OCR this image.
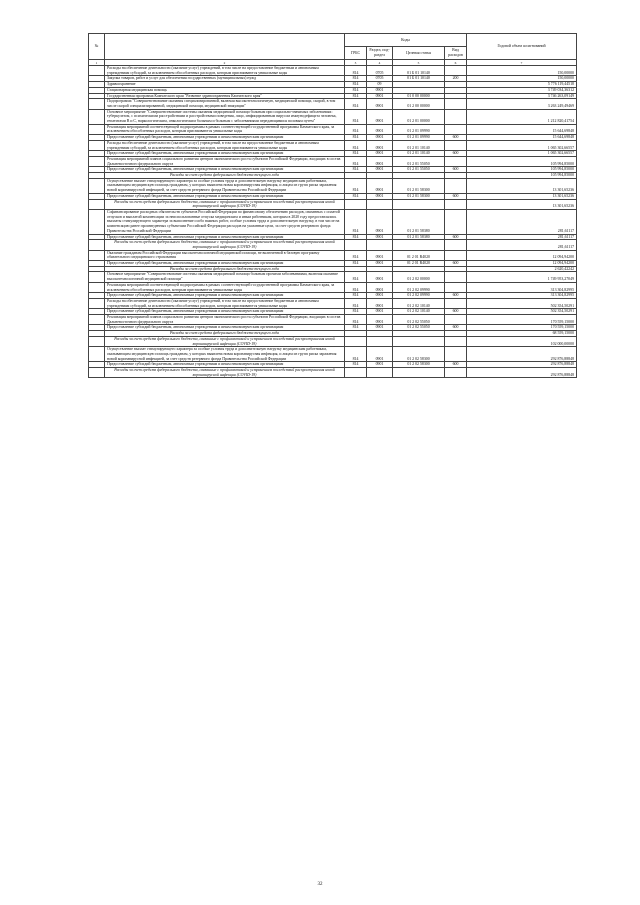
№		Коды				Годовой объем ассигнований
		ГРБС	Раздел, под-раздел	Целевая статья	Вид расходов	
1	2	3	4	5	6	7
	Расходы на обеспечение деятельности (оказание услуг) учреждений, в том числе на предоставление бюджетным и автономным учреждениям субсидий, за исключением обособленных расходов, которым присваиваются уникальные коды	814	0705	01 Б 01 10140		150,00000
	Закупка товаров, работ и услуг для обеспечения государственных (муниципальных) нужд	814	0705	01 Б 01 10140	200	150,00000
	Здравоохранение	814	09			5 776 119,44518
	Стационарная медицинская помощь	814	0901			3 749 034,36312
	Государственная программа Камчатского края "Развитие здравоохранения Камчатского края"	814	0901	01 0 00 00000		3 746 263,09149
	Подпрограмма "Совершенствование оказания специализированной, включая высокотехнологичную, медицинской помощи, скорой, в том числе скорой специализированной, медицинской помощи, медицинской эвакуации"	814	0901	01 2 00 00000		3 263 249,49469
	Основное мероприятие "Совершенствование системы оказания медицинской помощи больным при социально-значимых заболеваниях: туберкулезом, с психическими расстройствами и расстройствами поведения, лицо, инфицированным вирусом иммунодефицита человека, гепатитами B и C, наркологическим, онкологическим больным и больным с заболеваниями передающимися половым путем"	814	0901	01 2 01 00000		1 212 820,41754
	Реализация мероприятий соответствующей подпрограммы в рамках соответствующей государственной программы Камчатского края, за исключением обособленных расходов, которым присваиваются уникальные коды	814	0901	01 2 01 09990		15 644,69848
	Предоставление субсидий бюджетным, автономным учреждениям и иным некоммерческим организациям	814	0901	01 2 01 09990	600	15 644,69848
	Расходы на обеспечение деятельности (оказание услуг) учреждений, в том числе на предоставление бюджетным и автономным учреждениям субсидий, за исключением обособленных расходов, которым присваиваются уникальные коды	814	0901	01 2 01 10140		1 065 302,66557
	Предоставление субсидий бюджетным, автономным учреждениям и иным некоммерческим организациям	814	0901	01 2 01 10140	600	1 065 302,66557
	Реализация мероприятий планов социального развития центров экономического роста субъектов Российской Федерации, входящих в состав Дальневосточного федерального округа	814	0901	01 2 01 55050		105 994,85000
	Предоставление субсидий бюджетным, автономным учреждениям и иным некоммерческим организациям	814	0901	01 2 01 55050	600	105 994,85000
	Расходы за счет средств федерального бюджета текущего года					105 994,85000
	Осуществление выплат стимулирующего характера за особые условия труда и дополнительную нагрузку медицинским работникам, оказывающим медицинскую помощь гражданам, у которых выявлена новая коронавирусная инфекция, и лицам из групп риска заражения новой коронавирусной инфекцией, за счет средств резервного фонда Правительства Российской Федерации	814	0901	01 2 01 58300		13 301,65236
	Предоставление субсидий бюджетным, автономным учреждениям и иным некоммерческим организациям	814	0901	01 2 01 58300	600	13 301,65236
	Расходы за счет средств федерального бюджета, связанные с профилактикой и устранением последствий распространения новой коронавирусной инфекции (COVID-19)					13 301,65236
	Софинансирование расходных обязательств субъектов Российской Федерации по финансовому обеспечению расходов, связанных с оплатой отпусков и выплатой компенсации за неиспользованные отпуска медицинским и иным работникам, которым в 2020 году предоставлялись выплаты стимулирующего характера за выполнение особо важных работ, особые условия труда и дополнительную нагрузку, в том числе на компенсацию ранее произведенных субъектами Российской Федерации расходов на указанные цели, за счет средств резервного фонда Правительства Российской Федерации	814	0901	01 2 01 58380		281,61117
	Предоставление субсидий бюджетным, автономным учреждениям и иным некоммерческим организациям	814	0901	01 2 01 58380	600	281,61117
	Расходы за счет средств федерального бюджета, связанные с профилактикой и устранением последствий распространения новой коронавирусной инфекции (COVID-19)					281,61117
	Оказание гражданам Российской Федерации высокотехнологичной медицинской помощи, не включенной в базовую программу обязательного медицинского страхования	814	0901	01 2 01 R4020		12 094,94200
	Предоставление субсидий бюджетным, автономным учреждениям и иным некоммерческим организациям	814	0901	01 2 01 R4020	600	12 094,94200
	Расходы за счет средств федерального бюджета текущего года					2 620,42242
	Основное мероприятие "Совершенствование системы оказания медицинской помощи больным прочими заболеваниями, включая оказание высокотехнологичной медицинской помощи"	814	0901	01 2 02 00000		1 749 953,27049
	Реализация мероприятий соответствующей подпрограммы в рамках соответствующей государственной программы Камчатского края, за исключением обособленных расходов, которым присваиваются уникальные коды	814	0901	01 2 02 09990		313 304,82995
	Предоставление субсидий бюджетным, автономным учреждениям и иным некоммерческим организациям	814	0901	01 2 02 09990	600	313 304,82995
	Расходы на обеспечение деятельности (оказание услуг) учреждений, в том числе на предоставление бюджетным и автономным учреждениям субсидий, за исключением обособленных расходов, которым присваиваются уникальные коды	814	0901	01 2 02 10140		502 354,50291
	Предоставление субсидий бюджетным, автономным учреждениям и иным некоммерческим организациям	814	0901	01 2 02 10140	600	502 354,50291
	Реализация мероприятий планов социального развития центров экономического роста субъектов Российской Федерации, входящих в состав Дальневосточного федерального округа	814	0901	01 2 02 55050		170 559,15000
	Предоставление субсидий бюджетным, автономным учреждениям и иным некоммерческим организациям	814	0901	01 2 02 55050	600	170 559,15000
	Расходы за счет средств федерального бюджета текущего года					68 559,15000
	Расходы за счет средств федерального бюджета, связанные с профилактикой и устранением последствий распространения новой коронавирусной инфекции (COVID-19)					102 000,00000
	Осуществление выплат стимулирующего характера за особые условия труда и дополнительную нагрузку медицинским работникам, оказывающим медицинскую помощь гражданам, у которых выявлена новая коронавирусная инфекция, и лицам из групп риска заражения новой коронавирусной инфекцией, за счет средств резервного фонда Правительства Российской Федерации	814	0901	01 2 02 58300		292 876,88848
	Предоставление субсидий бюджетным, автономным учреждениям и иным некоммерческим организациям	814	0901	01 2 02 58300	600	292 876,88848
	Расходы за счет средств федерального бюджета, связанные с профилактикой и устранением последствий распространения новой коронавирусной инфекции (COVID-19)					292 876,88848
32
